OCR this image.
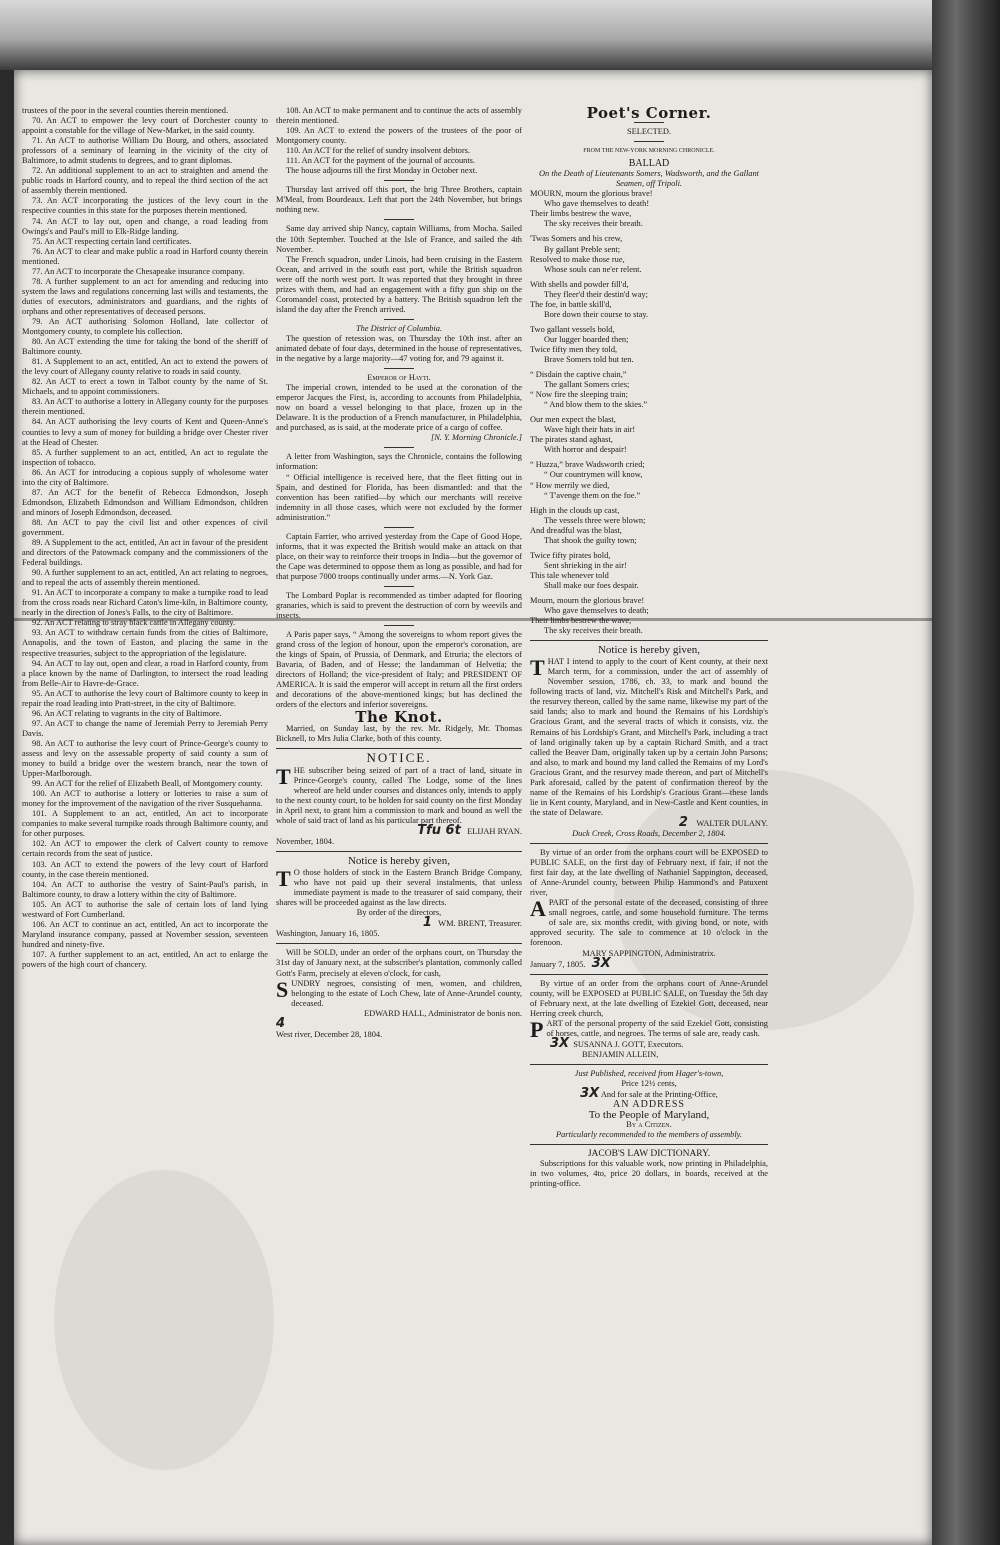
trustees of the poor in the several counties therein mentioned.

70. An ACT to empower the levy court of Dorchester county to appoint a constable for the village of New-Market, in the said county.

71. An ACT to authorise William Du Bourg, and others, associated professors of a seminary of learning in the vicinity of the city of Baltimore, to admit students to degrees, and to grant diplomas.

72. An additional supplement to an act to straighten and amend the public roads in Harford county, and to repeal the third section of the act of assembly therein mentioned.

73. An ACT incorporating the justices of the levy court in the respective counties in this state for the purposes therein mentioned.

74. An ACT to lay out, open and change, a road leading from Owings's and Paul's mill to Elk-Ridge landing.

75. An ACT respecting certain land certificates.

76. An ACT to clear and make public a road in Harford county therein mentioned.

77. An ACT to incorporate the Chesapeake insurance company.

78. A further supplement to an act for amending and reducing into system the laws and regulations concerning last wills and testaments, the duties of executors, administrators and guardians, and the rights of orphans and other representatives of deceased persons.

79. An ACT authorising Solomon Holland, late collector of Montgomery county, to complete his collection.

80. An ACT extending the time for taking the bond of the sheriff of Baltimore county.

81. A Supplement to an act, entitled, An act to extend the powers of the levy court of Allegany county relative to roads in said county.

82. An ACT to erect a town in Talbot county by the name of St. Michaels, and to appoint commissioners.

83. An ACT to authorise a lottery in Allegany county for the purposes therein mentioned.

84. An ACT authorising the levy courts of Kent and Queen-Anne's counties to levy a sum of money for building a bridge over Chester river at the Head of Chester.

85. A further supplement to an act, entitled, An act to regulate the inspection of tobacco.

86. An ACT for introducing a copious supply of wholesome water into the city of Baltimore.

87. An ACT for the benefit of Rebecca Edmondson, Joseph Edmondson, Elizabeth Edmondson and William Edmondson, children and minors of Joseph Edmondson, deceased.

88. An ACT to pay the civil list and other expences of civil government.

89. A Supplement to the act, entitled, An act in favour of the president and directors of the Patowmack company and the commissioners of the Federal buildings.

90. A further supplement to an act, entitled, An act relating to negroes, and to repeal the acts of assembly therein mentioned.

91. An ACT to incorporate a company to make a turnpike road to lead from the cross roads near Richard Caton's lime-kiln, in Baltimore county, nearly in the direction of Jones's Falls, to the city of Baltimore.

92. An ACT relating to stray black cattle in Allegany county.

93. An ACT to withdraw certain funds from the cities of Baltimore, Annapolis, and the town of Easton, and placing the same in the respective treasuries, subject to the appropriation of the legislature.

94. An ACT to lay out, open and clear, a road in Harford county, from a place known by the name of Darlington, to intersect the road leading from Belle-Air to Havre-de-Grace.

95. An ACT to authorise the levy court of Baltimore county to keep in repair the road leading into Pratt-street, in the city of Baltimore.

96. An ACT relating to vagrants in the city of Baltimore.

97. An ACT to change the name of Jeremiah Perry to Jeremiah Perry Davis.

98. An ACT to authorise the levy court of Prince-George's county to assess and levy on the assessable property of said county a sum of money to build a bridge over the western branch, near the town of Upper-Marlborough.

99. An ACT for the relief of Elizabeth Beall, of Montgomery county.

100. An ACT to authorise a lottery or lotteries to raise a sum of money for the improvement of the navigation of the river Susquehanna.

101. A Supplement to an act, entitled, An act to incorporate companies to make several turnpike roads through Baltimore county, and for other purposes.

102. An ACT to empower the clerk of Calvert county to remove certain records from the seat of justice.

103. An ACT to extend the powers of the levy court of Harford county, in the case therein mentioned.

104. An ACT to authorise the vestry of Saint-Paul's parish, in Baltimore county, to draw a lottery within the city of Baltimore.

105. An ACT to authorise the sale of certain lots of land lying westward of Fort Cumberland.

106. An ACT to continue an act, entitled, An act to incorporate the Maryland insurance company, passed at November session, seventeen hundred and ninety-five.

107. A further supplement to an act, entitled, An act to enlarge the powers of the high court of chancery.

108. An ACT to make permanent and to continue the acts of assembly therein mentioned.

109. An ACT to extend the powers of the trustees of the poor of Montgomery county.

110. An ACT for the relief of sundry insolvent debtors.

111. An ACT for the payment of the journal of accounts.

The house adjourns till the first Monday in October next.

Thursday last arrived off this port, the brig Three Brothers, captain M'Meal, from Bourdeaux. Left that port the 24th November, but brings nothing new.

Same day arrived ship Nancy, captain Williams, from Mocha. Sailed the 10th September. Touched at the Isle of France, and sailed the 4th November.

The French squadron, under Linois, had been cruising in the Eastern Ocean, and arrived in the south east port, while the British squadron were off the north west port. It was reported that they brought in three prizes with them, and had an engagement with a fifty gun ship on the Coromandel coast, protected by a battery. The British squadron left the island the day after the French arrived.

The District of Columbia.

The question of retession was, on Thursday the 10th inst. after an animated debate of four days, determined in the house of representatives, in the negative by a large majority—47 voting for, and 79 against it.

Emperor of Hayti.

The imperial crown, intended to be used at the coronation of the emperor Jacques the First, is, according to accounts from Philadelphia, now on board a vessel belonging to that place, frozen up in the Delaware. It is the production of a French manufacturer, in Philadelphia, and purchased, as is said, at the moderate price of a cargo of coffee.

[N. Y. Morning Chronicle.]

A letter from Washington, says the Chronicle, contains the following information:

“ Official intelligence is received here, that the fleet fitting out in Spain, and destined for Florida, has been dismantled: and that the convention has been ratified—by which our merchants will receive indemnity in all those cases, which were not excluded by the former administration.”

Captain Farrier, who arrived yesterday from the Cape of Good Hope, informs, that it was expected the British would make an attack on that place, on their way to reinforce their troops in India—but the governor of the Cape was determined to oppose them as long as possible, and had for that purpose 7000 troops continually under arms.—N. York Gaz.

The Lombard Poplar is recommended as timber adapted for flooring granaries, which is said to prevent the destruction of corn by weevils and insects.

A Paris paper says, “ Among the sovereigns to whom report gives the grand cross of the legion of honour, upon the emperor's coronation, are the kings of Spain, of Prussia, of Denmark, and Etruria; the electors of Bavaria, of Baden, and of Hesse; the landamman of Helvetia; the directors of Holland; the vice-president of Italy; and PRESIDENT OF AMERICA. It is said the emperor will accept in return all the first orders and decorations of the above-mentioned kings; but has declined the orders of the electors and inferior sovereigns.

The Knot.

Married, on Sunday last, by the rev. Mr. Ridgely, Mr. Thomas Bicknell, to Mrs Julia Clarke, both of this county.

NOTICE.

THE subscriber being seized of part of a tract of land, situate in Prince-George's county, called The Lodge, some of the lines whereof are held under courses and distances only, intends to apply to the next county court, to be holden for said county on the first Monday in April next, to grant him a commission to mark and bound as well the whole of said tract of land as his particular part thereof.

Tfu 6t ELIJAH RYAN.

November, 1804.

Notice is hereby given,

T O those holders of stock in the Eastern Branch Bridge Company, who have not paid up their several instalments, that unless immediate payment is made to the treasurer of said company, their shares will be proceeded against as the law directs.

By order of the directors,

1 WM. BRENT, Treasurer.

Washington, January 16, 1805.

Will be SOLD, under an order of the orphans court, on Thursday the 31st day of January next, at the subscriber's plantation, commonly called Gott's Farm, precisely at eleven o'clock, for cash,

SUNDRY negroes, consisting of men, women, and children, belonging to the estate of Loch Chew, late of Anne-Arundel county, deceased.

EDWARD HALL, Administrator de bonis non.

4

West river, December 28, 1804.

Poet's Corner.

SELECTED.

FROM THE NEW-YORK MORNING CHRONICLE.

BALLAD

On the Death of Lieutenants Somers, Wadsworth, and the Gallant Seamen, off Tripoli.

MOURN, mourn the glorious brave!

Who gave themselves to death!

Their limbs bestrew the wave,

The sky receives their breath.

'Twas Somers and his crew,

By gallant Preble sent;

Resolved to make those rue,

Whose souls can ne'er relent.

With shells and powder fill'd,

They fleer'd their destin'd way;

The foe, in battle skill'd,

Bore down their course to stay.

Two gallant vessels bold,

Our lugger boarded then;

Twice fifty men they told,

Brave Somers told but ten.

“ Disdain the captive chain,”

The gallant Somers cries;

“ Now fire the sleeping train;

“ And blow them to the skies.”

Our men expect the blast,

Wave high their hats in air!

The pirates stand aghast,

With horror and despair!

“ Huzza,” brave Wadsworth cried;

“ Our countrymen will know,

“ How merrily we died,

“ T'avenge them on the foe.”

High in the clouds up cast,

The vessels three were blown;

And dreadful was the blast,

That shook the guilty town;

Twice fifty pirates bold,

Sent shrieking in the air!

This tale whenever told

Shall make our foes despair.

Mourn, mourn the glorious brave!

Who gave themselves to death;

Their limbs bestrew the wave,

The sky receives their breath.

Notice is hereby given,

THAT I intend to apply to the court of Kent county, at their next March term, for a commission, under the act of assembly of November session, 1786, ch. 33, to mark and bound the following tracts of land, viz. Mitchell's Risk and Mitchell's Park, and the resurvey thereon, called by the same name, likewise my part of the said lands; also to mark and bound the Remains of his Lordship's Gracious Grant, and the several tracts of which it consists, viz. the Remains of his Lordship's Grant, and Mitchell's Park, including a tract of land originally taken up by a captain Richard Smith, and a tract called the Beaver Dam, originally taken up by a certain John Parsons; and also, to mark and bound my land called the Remains of my Lord's Gracious Grant, and the resurvey made thereon, and part of Mitchell's Park aforesaid, called by the patent of confirmation thereof by the name of the Remains of his Lordship's Gracious Grant—these lands lie in Kent county, Maryland, and in New-Castle and Kent counties, in the state of Delaware.

2 WALTER DULANY.

Duck Creek, Cross Roads, December 2, 1804.

By virtue of an order from the orphans court will be EXPOSED to PUBLIC SALE, on the first day of February next, if fair, if not the first fair day, at the late dwelling of Nathaniel Sappington, deceased, of Anne-Arundel county, between Philip Hammond's and Patuxent river,

APART of the personal estate of the deceased, consisting of three small negroes, cattle, and some household furniture. The terms of sale are, six months credit, with giving bond, or note, with approved security. The sale to commence at 10 o'clock in the forenoon.

MARY SAPPINGTON, Administratrix.

January 7, 1805. 3X

By virtue of an order from the orphans court of Anne-Arundel county, will be EXPOSED at PUBLIC SALE, on Tuesday the 5th day of February next, at the late dwelling of Ezekiel Gott, deceased, near Herring creek church,

PART of the personal property of the said Ezekiel Gott, consisting of horses, cattle, and negroes. The terms of sale are, ready cash.

3X SUSANNA J. GOTT, Executors.

BENJAMIN ALLEIN,

Just Published, received from Hager's-town,

Price 12½ cents,

3X And for sale at the Printing-Office,

AN ADDRESS

To the People of Maryland,

By a Citizen.

Particularly recommended to the members of assembly.

JACOB'S LAW DICTIONARY.

Subscriptions for this valuable work, now printing in Philadelphia, in two volumes, 4to, price 20 dollars, in boards, received at the printing-office.
